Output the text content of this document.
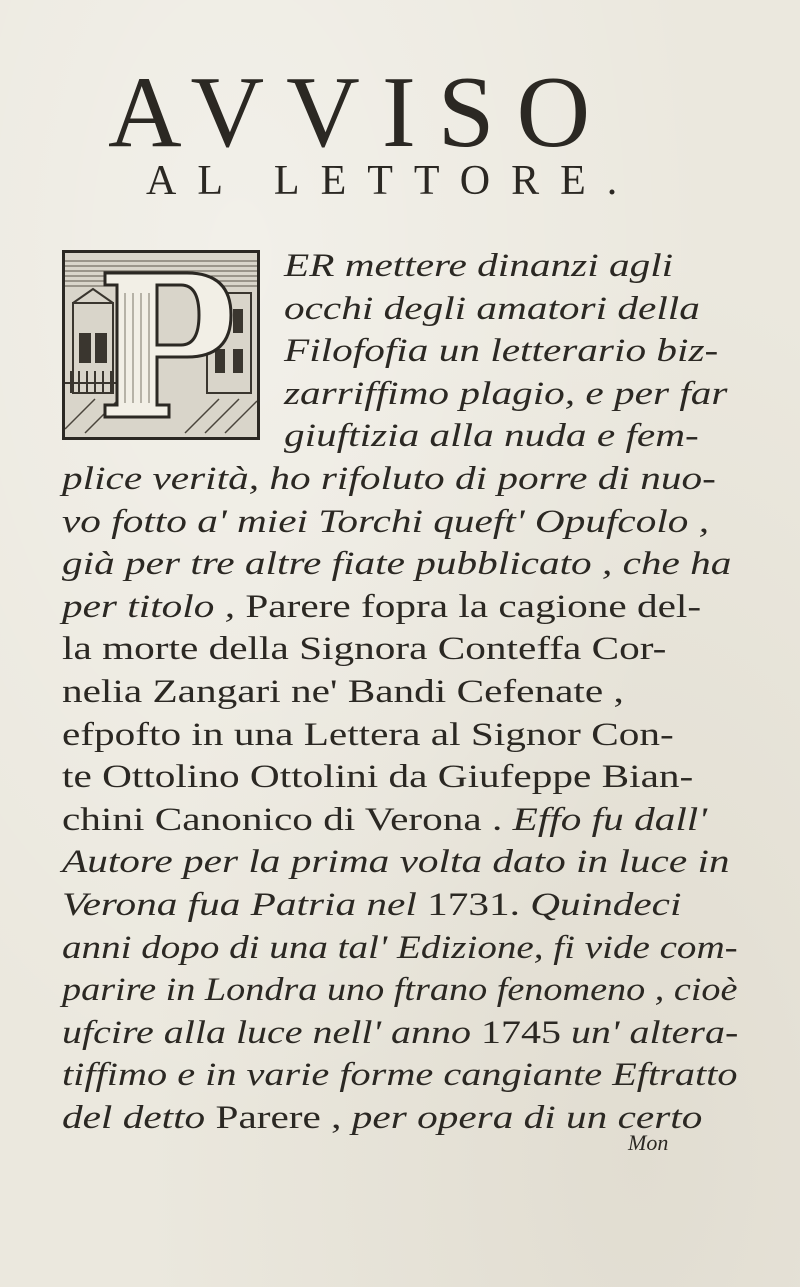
AVVISO
AL LETTORE.
ER mettere dinanzi agli
occhi degli amatori della
Filofofia un letterario biz-
zarriffimo plagio, e per far
giuftizia alla nuda e fem-
plice verità, ho rifoluto di porre di nuo-
vo fotto a' miei Torchi queft' Opufcolo ,
già per tre altre fiate pubblicato , che ha
per titolo , Parere fopra la cagione del-
la morte della Signora Conteffa Cor-
nelia Zangari ne' Bandi Cefenate ,
efpofto in una Lettera al Signor Con-
te Ottolino Ottolini da Giufeppe Bian-
chini Canonico di Verona . Effo fu dall'
Autore per la prima volta dato in luce in
Verona fua Patria nel 1731. Quindeci
anni dopo di una tal' Edizione, fi vide com-
parire in Londra uno ftrano fenomeno , cioè
ufcire alla luce nell' anno 1745 un' altera-
tiffimo e in varie forme cangiante Eftratto
del detto Parere , per opera di un certo
Mon
